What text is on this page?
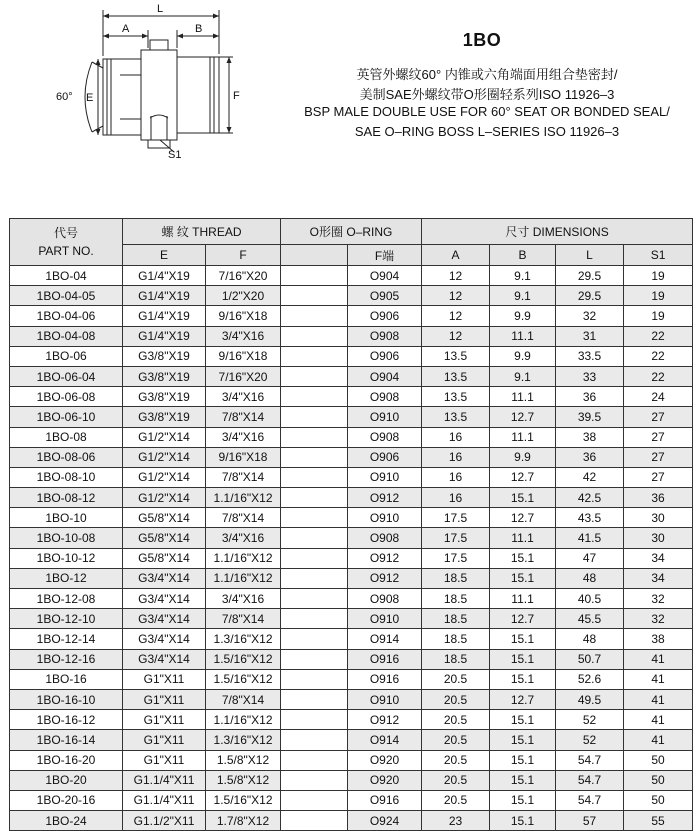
L
A	B
E	F
S1
60°
1BO
英管外螺纹60° 内锥或六角端面用组合垫密封/
美制SAE外螺纹带O形圈轻系列ISO 11926–3
BSP MALE DOUBLE USE FOR 60° SEAT OR BONDED SEAL/
SAE O–RING BOSS L–SERIES ISO 11926–3
代号
PART NO.	螺 纹 THREAD		O形圈 O–RING		尺寸 DIMENSIONS			
	E	F		F端	A	B	L	S1
1BO-04	G1/4"X19	7/16"X20		O904	12	9.1	29.5	19
1BO-04-05	G1/4"X19	1/2"X20		O905	12	9.1	29.5	19
1BO-04-06	G1/4"X19	9/16"X18		O906	12	9.9	32	19
1BO-04-08	G1/4"X19	3/4"X16		O908	12	11.1	31	22
1BO-06	G3/8"X19	9/16"X18		O906	13.5	9.9	33.5	22
1BO-06-04	G3/8"X19	7/16"X20		O904	13.5	9.1	33	22
1BO-06-08	G3/8"X19	3/4"X16		O908	13.5	11.1	36	24
1BO-06-10	G3/8"X19	7/8"X14		O910	13.5	12.7	39.5	27
1BO-08	G1/2"X14	3/4"X16		O908	16	11.1	38	27
1BO-08-06	G1/2"X14	9/16"X18		O906	16	9.9	36	27
1BO-08-10	G1/2"X14	7/8"X14		O910	16	12.7	42	27
1BO-08-12	G1/2"X14	1.1/16"X12		O912	16	15.1	42.5	36
1BO-10	G5/8"X14	7/8"X14		O910	17.5	12.7	43.5	30
1BO-10-08	G5/8"X14	3/4"X16		O908	17.5	11.1	41.5	30
1BO-10-12	G5/8"X14	1.1/16"X12		O912	17.5	15.1	47	34
1BO-12	G3/4"X14	1.1/16"X12		O912	18.5	15.1	48	34
1BO-12-08	G3/4"X14	3/4"X16		O908	18.5	11.1	40.5	32
1BO-12-10	G3/4"X14	7/8"X14		O910	18.5	12.7	45.5	32
1BO-12-14	G3/4"X14	1.3/16"X12		O914	18.5	15.1	48	38
1BO-12-16	G3/4"X14	1.5/16"X12		O916	18.5	15.1	50.7	41
1BO-16	G1"X11	1.5/16"X12		O916	20.5	15.1	52.6	41
1BO-16-10	G1"X11	7/8"X14		O910	20.5	12.7	49.5	41
1BO-16-12	G1"X11	1.1/16"X12		O912	20.5	15.1	52	41
1BO-16-14	G1"X11	1.3/16"X12		O914	20.5	15.1	52	41
1BO-16-20	G1"X11	1.5/8"X12		O920	20.5	15.1	54.7	50
1BO-20	G1.1/4"X11	1.5/8"X12		O920	20.5	15.1	54.7	50
1BO-20-16	G1.1/4"X11	1.5/16"X12		O916	20.5	15.1	54.7	50
1BO-24	G1.1/2"X11	1.7/8"X12		O924	23	15.1	57	55
